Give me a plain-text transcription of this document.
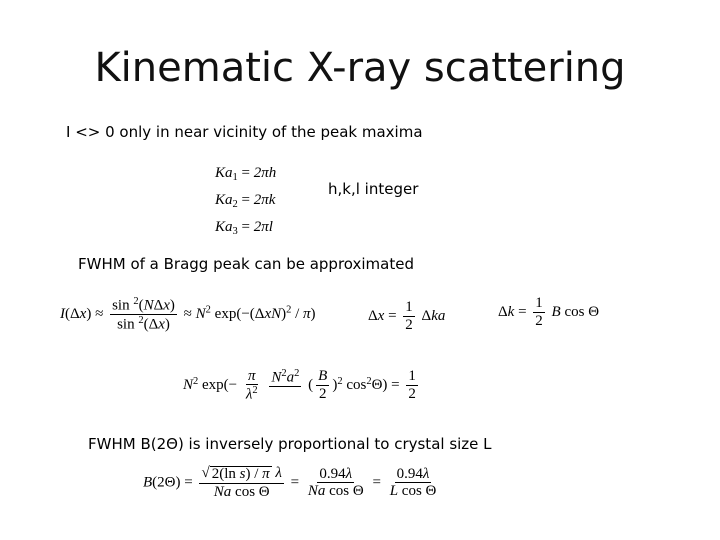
Kinematic X-ray scattering
I <> 0 only in near vicinity of the peak maxima
$Ka_1 = 2\pi h$
$Ka_2 = 2\pi k$
$Ka_3 = 2\pi l$
h,k,l integer
FWHM of a Bragg peak can be approximated
$I(\Delta x) \approx \frac{\sin ^2(N\Delta x)}{\sin ^2(\Delta x)} \approx N^2$ $\exp(-(\Delta xN)^2 / \pi)$	$\Delta x = \frac{1}{2}$ Δka	$\Delta k = \frac{1}{2}$ B cos Θ
$N^2$ $\exp(- \frac{\pi}{\lambda^2}$
$N^2a^2$
( $\frac{B}{2} )^2$ $\cos^2\Theta) = \frac{1}{2}$
FWHM B(2Θ) is inversely proportional to crystal size L
$B(2\Theta) = \frac{\text{√ 2(ln s) / π λ}}{\text{Na cos Θ}} = \frac{0.94\lambda}{\text{Na cos Θ}} = \frac{0.94\lambda}{\text{L cos Θ}}$
